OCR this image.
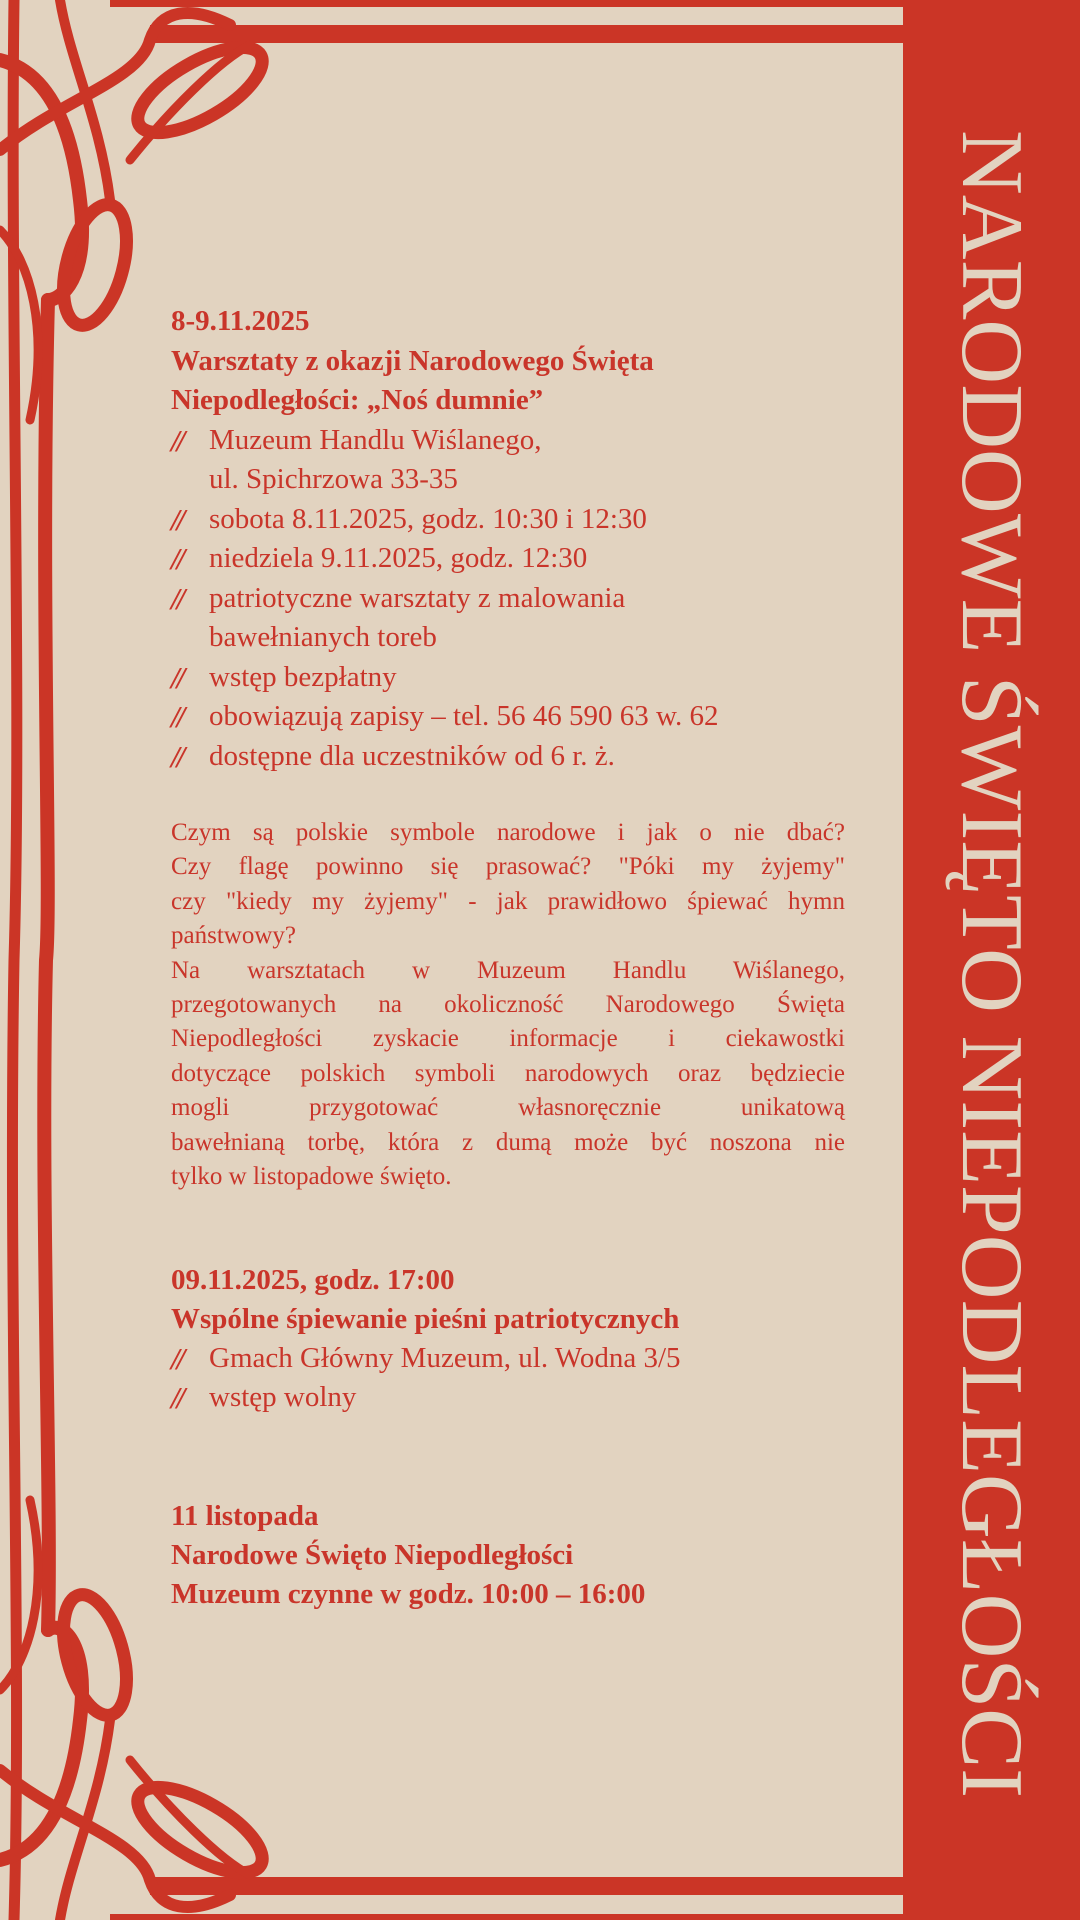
NARODOWE ŚWIĘTO NIEPODLEGŁOŚCI
8-9.11.2025
Warsztaty z okazji Narodowego Święta
Niepodległości: „Noś dumnie”
// Muzeum Handlu Wiślanego,
ul. Spichrzowa 33-35
// sobota 8.11.2025, godz. 10:30 i 12:30
// niedziela 9.11.2025, godz. 12:30
// patriotyczne warsztaty z malowania
bawełnianych toreb
// wstęp bezpłatny
// obowiązują zapisy – tel. 56 46 590 63 w. 62
// dostępne dla uczestników od 6 r. ż.
Czym są polskie symbole narodowe i jak o nie dbać?
Czy flagę powinno się prasować? "Póki my żyjemy"
czy "kiedy my żyjemy" - jak prawidłowo śpiewać hymn
państwowy?
Na warsztatach w Muzeum Handlu Wiślanego,
przegotowanych na okoliczność Narodowego Święta
Niepodległości zyskacie informacje i ciekawostki
dotyczące polskich symboli narodowych oraz będziecie
mogli przygotować własnoręcznie unikatową
bawełnianą torbę, która z dumą może być noszona nie
tylko w listopadowe święto.
09.11.2025, godz. 17:00
Wspólne śpiewanie pieśni patriotycznych
// Gmach Główny Muzeum, ul. Wodna 3/5
// wstęp wolny
11 listopada
Narodowe Święto Niepodległości
Muzeum czynne w godz. 10:00 – 16:00
